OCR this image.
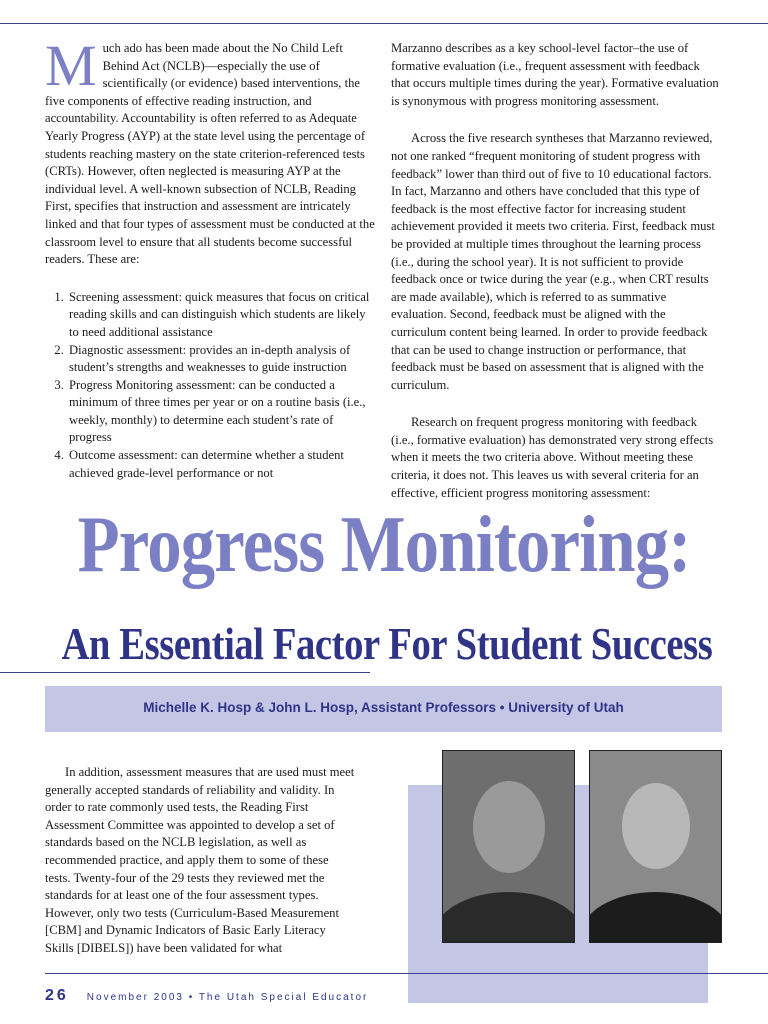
Much ado has been made about the No Child Left Behind Act (NCLB)—especially the use of scientifically (or evidence) based interventions, the five components of effective reading instruction, and accountability. Accountability is often referred to as Adequate Yearly Progress (AYP) at the state level using the percentage of students reaching mastery on the state criterion-referenced tests (CRTs). However, often neglected is measuring AYP at the individual level. A well-known subsection of NCLB, Reading First, specifies that instruction and assessment are intricately linked and that four types of assessment must be conducted at the classroom level to ensure that all students become successful readers. These are:

1. Screening assessment: quick measures that focus on critical reading skills and can distinguish which students are likely to need additional assistance
2. Diagnostic assessment: provides an in-depth analysis of student’s strengths and weaknesses to guide instruction
3. Progress Monitoring assessment: can be conducted a minimum of three times per year or on a routine basis (i.e., weekly, monthly) to determine each student’s rate of progress
4. Outcome assessment: can determine whether a student achieved grade-level performance or not

Marzanno describes as a key school-level factor–the use of formative evaluation (i.e., frequent assessment with feedback that occurs multiple times during the year). Formative evaluation is synonymous with progress monitoring assessment.

Across the five research syntheses that Marzanno reviewed, not one ranked “frequent monitoring of student progress with feedback” lower than third out of five to 10 educational factors. In fact, Marzanno and others have concluded that this type of feedback is the most effective factor for increasing student achievement provided it meets two criteria. First, feedback must be provided at multiple times throughout the learning process (i.e., during the school year). It is not sufficient to provide feedback once or twice during the year (e.g., when CRT results are made available), which is referred to as summative evaluation. Second, feedback must be aligned with the curriculum content being learned. In order to provide feedback that can be used to change instruction or performance, that feedback must be based on assessment that is aligned with the curriculum.

Research on frequent progress monitoring with feedback (i.e., formative evaluation) has demonstrated very strong effects when it meets the two criteria above. Without meeting these criteria, it does not. This leaves us with several criteria for an effective, efficient progress monitoring assessment:

Progress Monitoring:
An Essential Factor For Student Success
Michelle K. Hosp & John L. Hosp, Assistant Professors • University of Utah

In addition, assessment measures that are used must meet generally accepted standards of reliability and validity. In order to rate commonly used tests, the Reading First Assessment Committee was appointed to develop a set of standards based on the NCLB legislation, as well as recommended practice, and apply them to some of these tests. Twenty-four of the 29 tests they reviewed met the standards for at least one of the four assessment types. However, only two tests (Curriculum-Based Measurement [CBM] and Dynamic Indicators of Basic Early Literacy Skills [DIBELS]) have been validated for what

26 November 2003 • The Utah Special Educator
